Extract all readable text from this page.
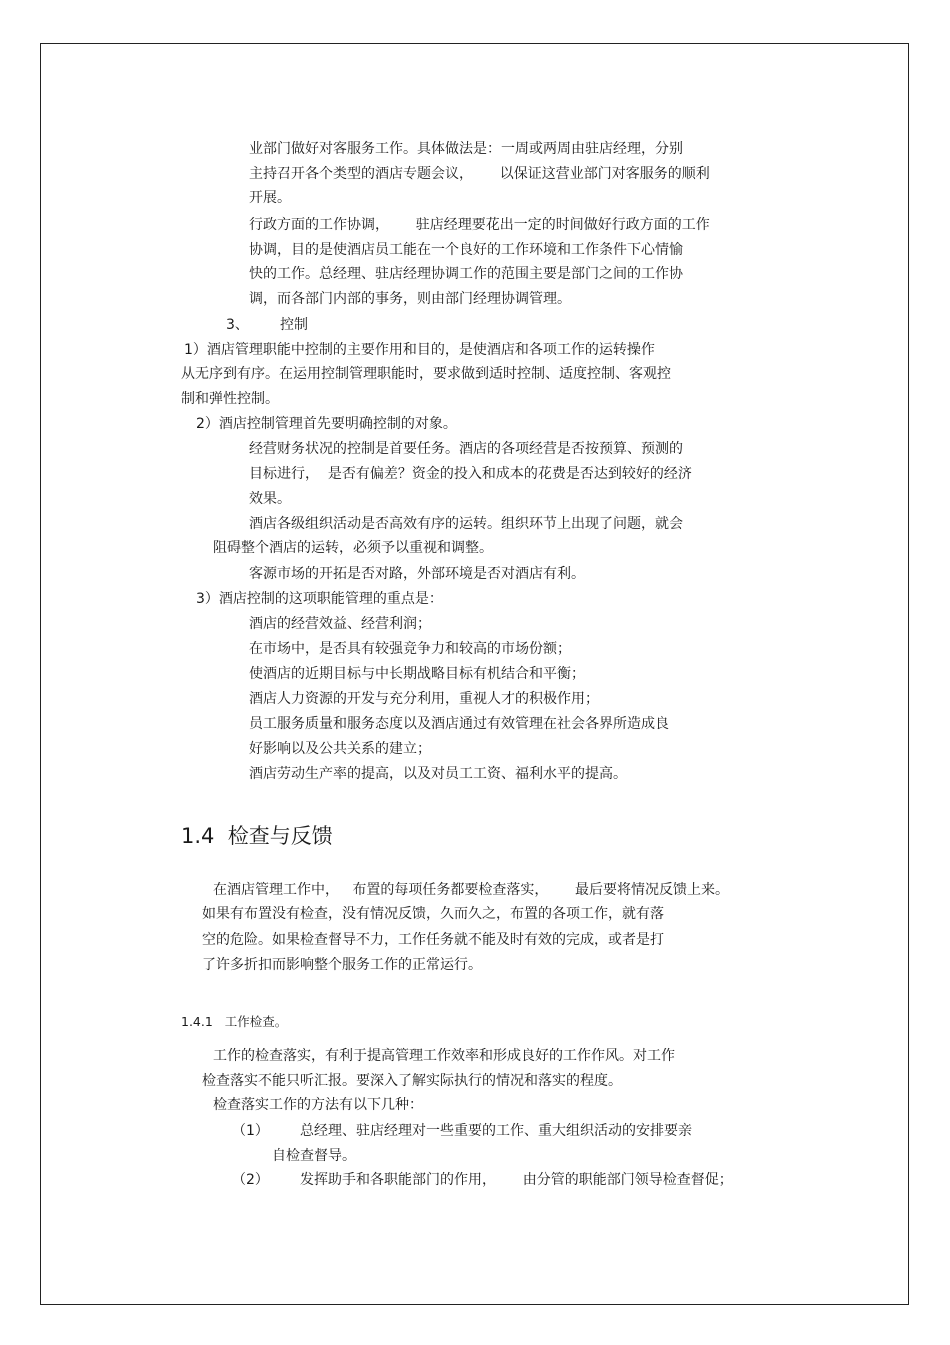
业部门做好对客服务工作。具体做法是：一周或两周由驻店经理，分别
主持召开各个类型的酒店专题会议，      以保证这营业部门对客服务的顺利
开展。
行政方面的工作协调，      驻店经理要花出一定的时间做好行政方面的工作
协调，目的是使酒店员工能在一个良好的工作环境和工作条件下心情愉
快的工作。总经理、驻店经理协调工作的范围主要是部门之间的工作协
调，而各部门内部的事务，则由部门经理协调管理。
3、       控制
1）酒店管理职能中控制的主要作用和目的，是使酒店和各项工作的运转操作
从无序到有序。在运用控制管理职能时，要求做到适时控制、适度控制、客观控
制和弹性控制。
2）酒店控制管理首先要明确控制的对象。
经营财务状况的控制是首要任务。酒店的各项经营是否按预算、预测的
目标进行，  是否有偏差？资金的投入和成本的花费是否达到较好的经济
效果。
酒店各级组织活动是否高效有序的运转。组织环节上出现了问题，就会
阻碍整个酒店的运转，必须予以重视和调整。
客源市场的开拓是否对路，外部环境是否对酒店有利。
3）酒店控制的这项职能管理的重点是：
酒店的经营效益、经营利润；
在市场中，是否具有较强竞争力和较高的市场份额；
使酒店的近期目标与中长期战略目标有机结合和平衡；
酒店人力资源的开发与充分利用，重视人才的积极作用；
员工服务质量和服务态度以及酒店通过有效管理在社会各界所造成良
好影响以及公共关系的建立；
酒店劳动生产率的提高，以及对员工工资、福利水平的提高。
1.4  检查与反馈
在酒店管理工作中，   布置的每项任务都要检查落实，      最后要将情况反馈上来。
如果有布置没有检查，没有情况反馈，久而久之，布置的各项工作，就有落
空的危险。如果检查督导不力，工作任务就不能及时有效的完成，或者是打
了许多折扣而影响整个服务工作的正常运行。
1.4.1   工作检查。
工作的检查落实，有利于提高管理工作效率和形成良好的工作作风。对工作
检查落实不能只听汇报。要深入了解实际执行的情况和落实的程度。
检查落实工作的方法有以下几种：
（1）       总经理、驻店经理对一些重要的工作、重大组织活动的安排要亲
自检查督导。
（2）       发挥助手和各职能部门的作用，      由分管的职能部门领导检查督促；
